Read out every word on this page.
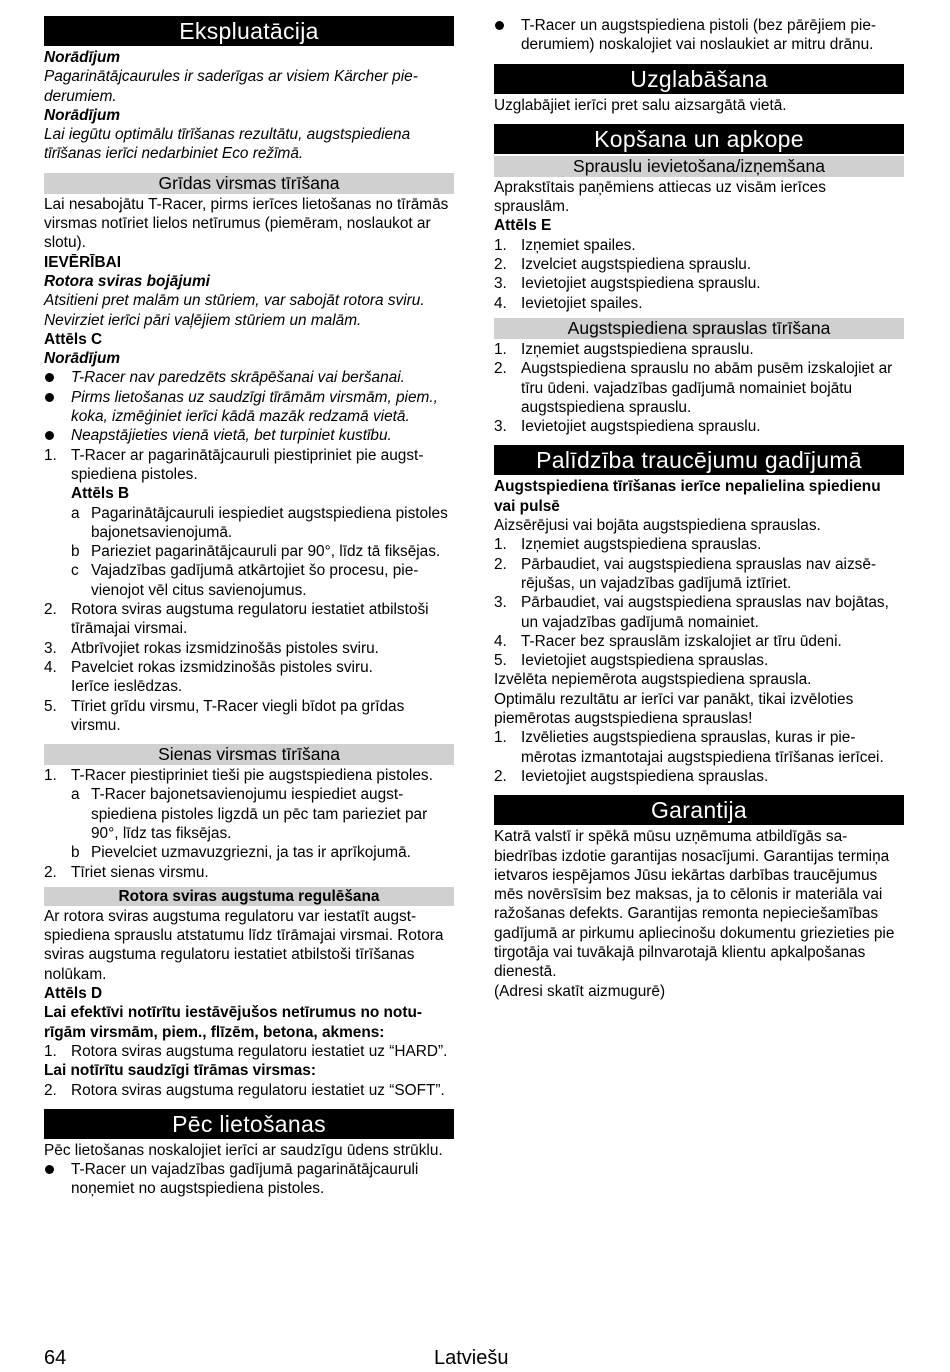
Ekspluatācija

Norādījum

Pagarinātājcaurules ir saderīgas ar visiem Kärcher piederumiem.

Norādījum

Lai iegūtu optimālu tīrīšanas rezultātu, augstspiediena tīrīšanas ierīci nedarbiniet Eco režīmā.

Grīdas virsmas tīrīšana

Lai nesabojātu T-Racer, pirms ierīces lietošanas no tīrāmās virsmas notīriet lielos netīrumus (piemēram, noslaukot ar slotu).

IEVĒRĪBAI

Rotora sviras bojājumi

Atsitieni pret malām un stūriem, var sabojāt rotora sviru. Nevirziet ierīci pāri vaļējiem stūriem un malām.

Attēls C

Norādījum

T-Racer nav paredzēts skrāpēšanai vai beršanai.
Pirms lietošanas uz saudzīgi tīrāmām virsmām, piem., koka, izmēģiniet ierīci kādā mazāk redzamā vietā.
Neapstājieties vienā vietā, bet turpiniet kustību.
1. T-Racer ar pagarinātājcauruli piestipriniet pie augstspiediena pistoles.

Attēls B

a Pagarinātājcauruli iespiediet augstspiediena pistoles bajonetsavienojumā.
b Parieziet pagarinātājcauruli par 90°, līdz tā fiksējas.
c Vajadzības gadījumā atkārtojiet šo procesu, pievienojot vēl citus savienojumus.
2. Rotora sviras augstuma regulatoru iestatiet atbilstoši tīrāmajai virsmai.
3. Atbrīvojiet rokas izsmidzinošās pistoles sviru.
4. Pavelciet rokas izsmidzinošās pistoles sviru.

Ierīce ieslēdzas.

5. Tīriet grīdu virsmu, T-Racer viegli bīdot pa grīdas virsmu.
Sienas virsmas tīrīšana
1. T-Racer piestipriniet tieši pie augstspiediena pistoles.
a T-Racer bajonetsavienojumu iespiediet augstspiediena pistoles ligzdā un pēc tam parieziet par 90°, līdz tas fiksējas.
b Pievelciet uzmavuzgriezni, ja tas ir aprīkojumā.
2. Tīriet sienas virsmu.
Rotora sviras augstuma regulēšana

Ar rotora sviras augstuma regulatoru var iestatīt augstspiediena sprauslu atstatumu līdz tīrāmajai virsmai. Rotora sviras augstuma regulatoru iestatiet atbilstoši tīrīšanas nolūkam.

Attēls D

Lai efektīvi notīrītu iestāvējušos netīrumus no noturīgām virsmām, piem., flīzēm, betona, akmens:

1. Rotora sviras augstuma regulatoru iestatiet uz “HARD”.

Lai notīrītu saudzīgi tīrāmas virsmas:

2. Rotora sviras augstuma regulatoru iestatiet uz “SOFT”.
Pēc lietošanas

Pēc lietošanas noskalojiet ierīci ar saudzīgu ūdens strūklu.

T-Racer un vajadzības gadījumā pagarinātājcauruli noņemiet no augstspiediena pistoles.
T-Racer un augstspiediena pistoli (bez pārējiem piederumiem) noskalojiet vai noslaukiet ar mitru drānu.
Uzglabāšana

Uzglabājiet ierīci pret salu aizsargātā vietā.

Kopšana un apkope
Sprauslu ievietošana/izņemšana

Aprakstītais paņēmiens attiecas uz visām ierīces sprauslām.

Attēls E

1. Izņemiet spailes.
2. Izvelciet augstspiediena sprauslu.
3. Ievietojiet augstspiediena sprauslu.
4. Ievietojiet spailes.
Augstspiediena sprauslas tīrīšana
1. Izņemiet augstspiediena sprauslu.
2. Augstspiediena sprauslu no abām pusēm izskalojiet ar tīru ūdeni. vajadzības gadījumā nomainiet bojātu augstspiediena sprauslu.
3. Ievietojiet augstspiediena sprauslu.
Palīdzība traucējumu gadījumā

Augstspiediena tīrīšanas ierīce nepalielina spiedienu vai pulsē

Aizsērējusi vai bojāta augstspiediena sprauslas.

1. Izņemiet augstspiediena sprauslas.
2. Pārbaudiet, vai augstspiediena sprauslas nav aizsērējušas, un vajadzības gadījumā iztīriet.
3. Pārbaudiet, vai augstspiediena sprauslas nav bojātas, un vajadzības gadījumā nomainiet.
4. T-Racer bez sprauslām izskalojiet ar tīru ūdeni.
5. Ievietojiet augstspiediena sprauslas.

Izvēlēta nepiemērota augstspiediena sprausla.

Optimālu rezultātu ar ierīci var panākt, tikai izvēloties piemērotas augstspiediena sprauslas!

1. Izvēlieties augstspiediena sprauslas, kuras ir piemērotas izmantotajai augstspiediena tīrīšanas ierīcei.
2. Ievietojiet augstspiediena sprauslas.
Garantija

Katrā valstī ir spēkā mūsu uzņēmuma atbildīgās sabiedrības izdotie garantijas nosacījumi. Garantijas termiņa ietvaros iespējamos Jūsu iekārtas darbības traucējumus mēs novērsīsim bez maksas, ja to cēlonis ir materiāla vai ražošanas defekts. Garantijas remonta nepieciešamības gadījumā ar pirkumu apliecinošu dokumentu griezieties pie tirgotāja vai tuvākajā pilnvarotajā klientu apkalpošanas dienestā.

(Adresi skatīt aizmugurē)

64	Latviešu
